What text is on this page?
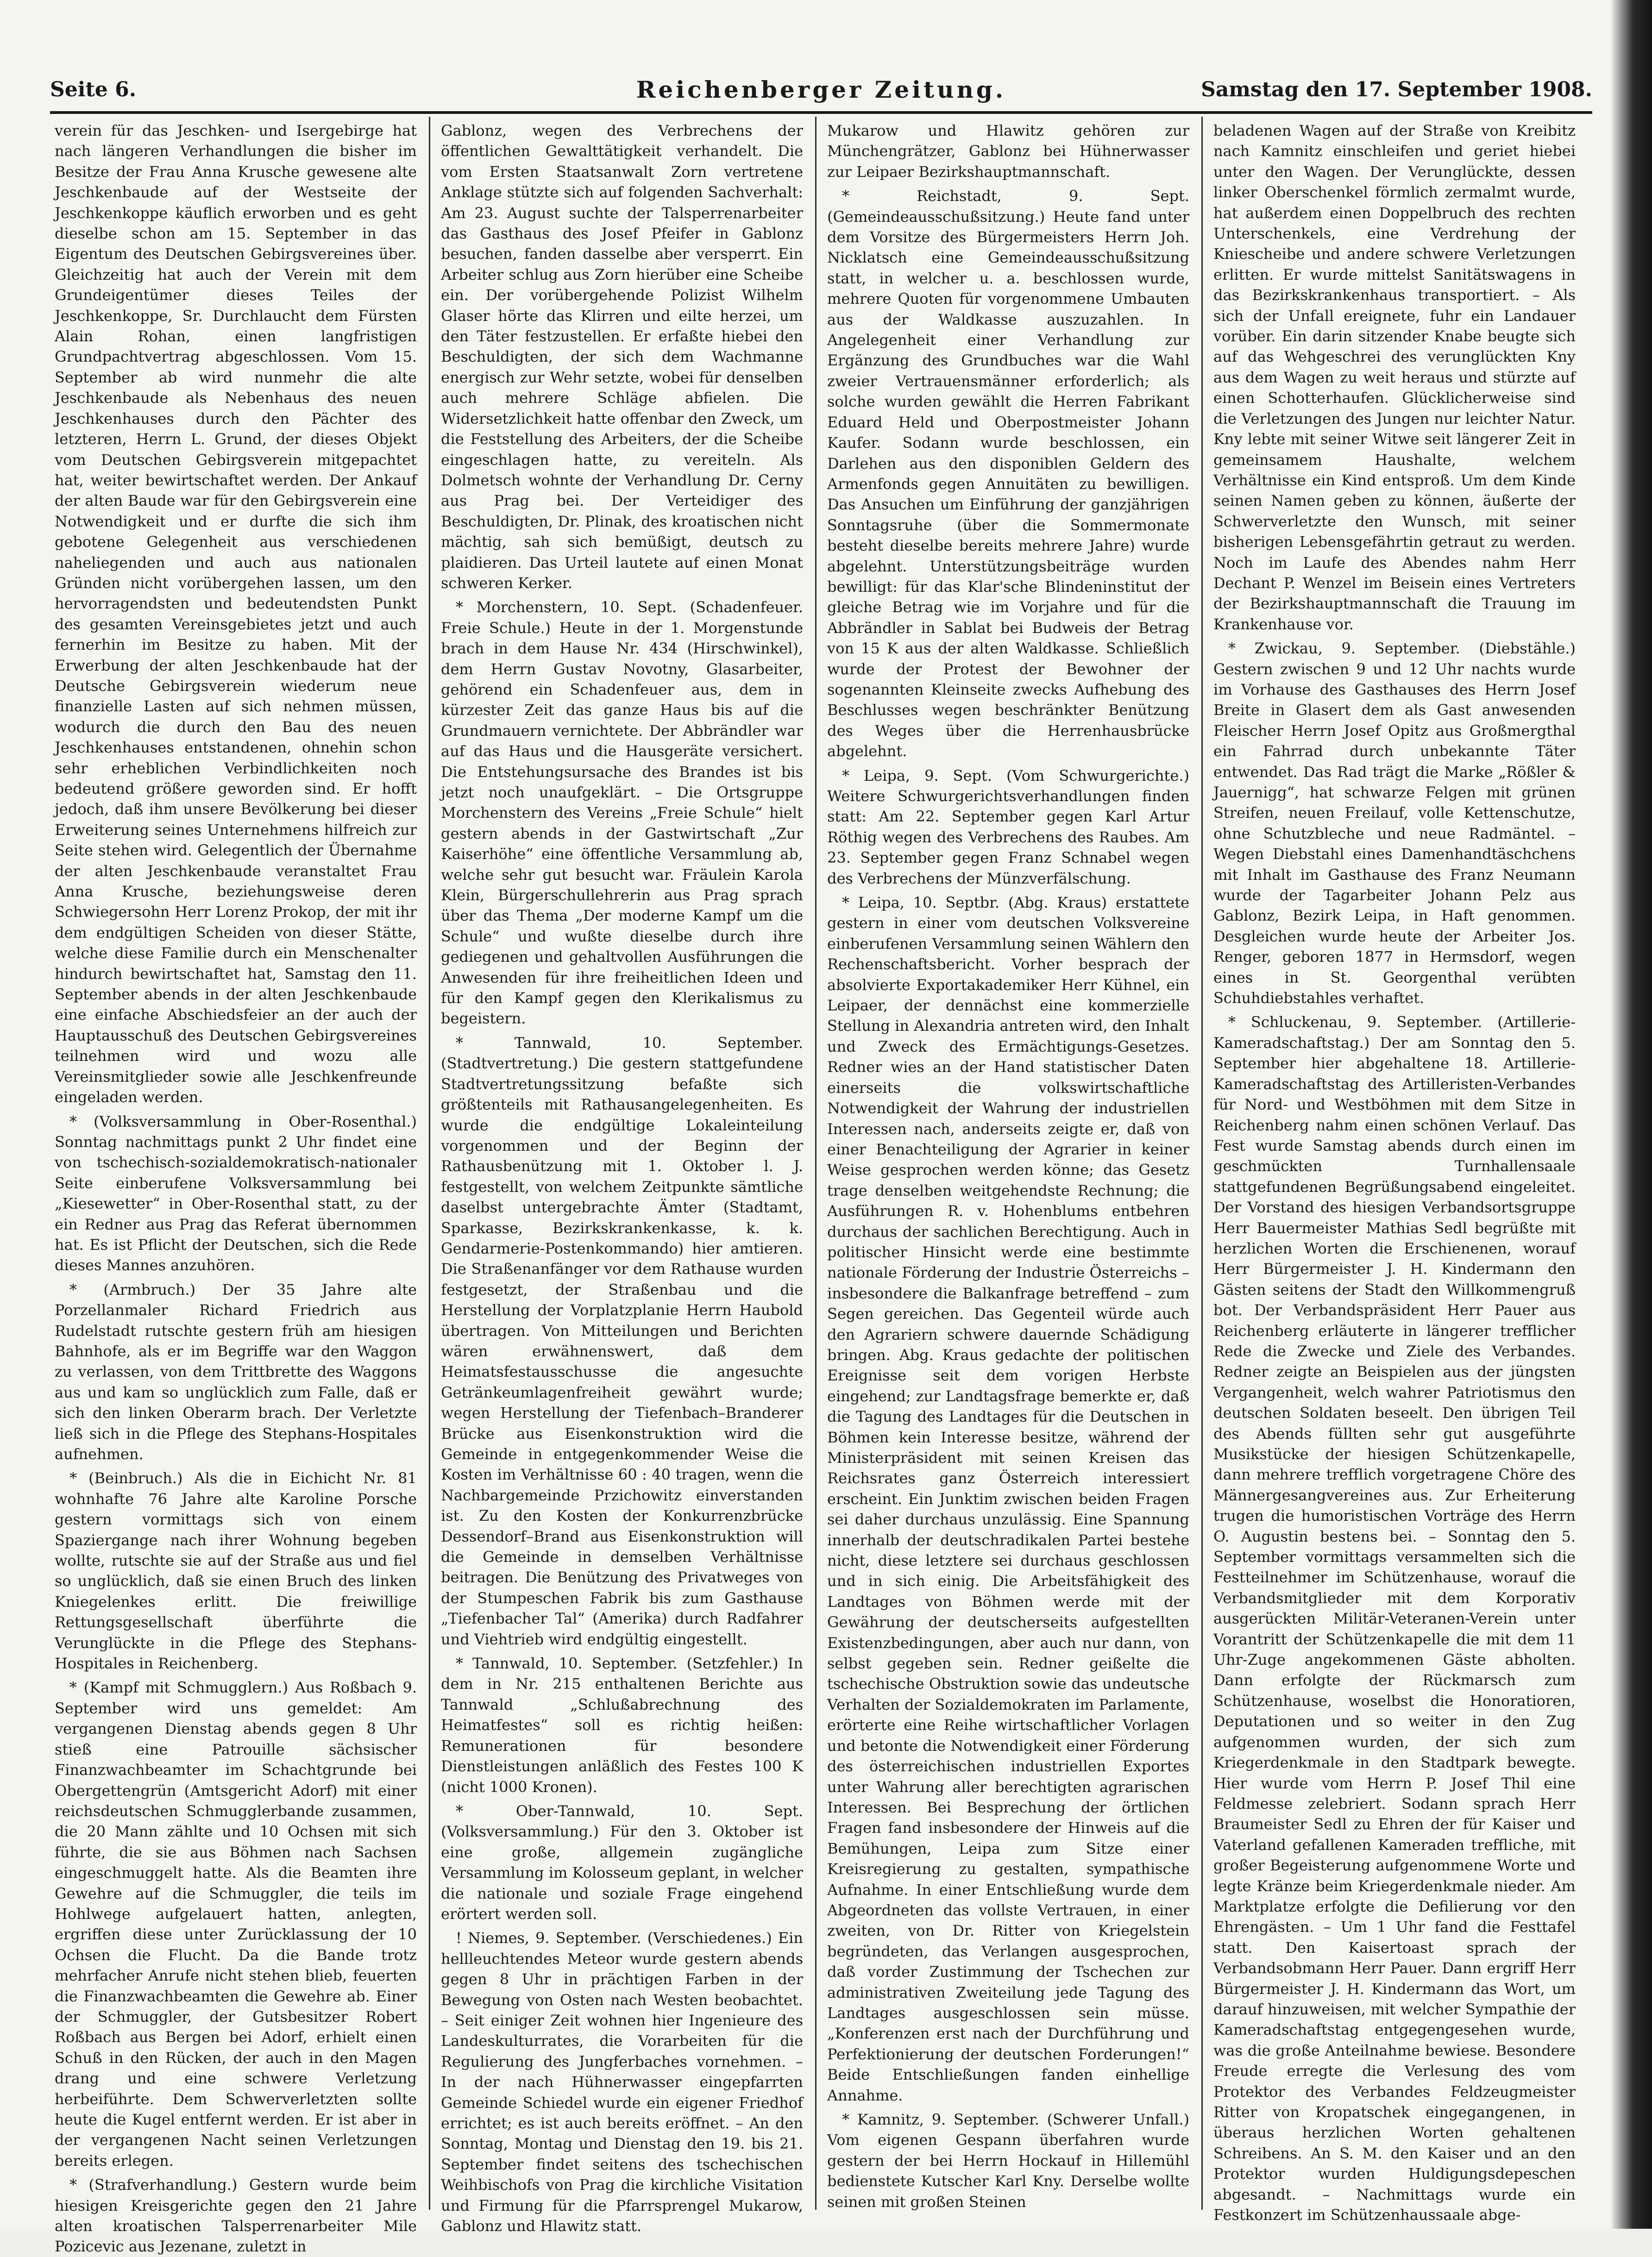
Seite 6.	Reichenberger Zeitung.	Samstag den 17. September 1908.

verein für das Jeschken- und Isergebirge hat nach längeren Verhandlungen die bisher im Besitze der Frau Anna Krusche gewesene alte Jeschkenbaude auf der Westseite der Jeschkenkoppe käuflich erworben und es geht dieselbe schon am 15. September in das Eigentum des Deutschen Gebirgsvereines über. Gleichzeitig hat auch der Verein mit dem Grundeigentümer dieses Teiles der Jeschkenkoppe, Sr. Durchlaucht dem Fürsten Alain Rohan, einen langfristigen Grundpachtvertrag abgeschlossen. Vom 15. September ab wird nunmehr die alte Jeschkenbaude als Nebenhaus des neuen Jeschkenhauses durch den Pächter des letzteren, Herrn L. Grund, der dieses Objekt vom Deutschen Gebirgsverein mitgepachtet hat, weiter bewirtschaftet werden. Der Ankauf der alten Baude war für den Gebirgsverein eine Notwendigkeit und er durfte die sich ihm gebotene Gelegenheit aus verschiedenen naheliegenden und auch aus nationalen Gründen nicht vorübergehen lassen, um den hervorragendsten und bedeutendsten Punkt des gesamten Vereinsgebietes jetzt und auch fernerhin im Besitze zu haben. Mit der Erwerbung der alten Jeschkenbaude hat der Deutsche Gebirgsverein wiederum neue finanzielle Lasten auf sich nehmen müssen, wodurch die durch den Bau des neuen Jeschkenhauses entstandenen, ohnehin schon sehr erheblichen Verbindlichkeiten noch bedeutend größere geworden sind. Er hofft jedoch, daß ihm unsere Bevölkerung bei dieser Erweiterung seines Unternehmens hilfreich zur Seite stehen wird. Gelegentlich der Übernahme der alten Jeschkenbaude veranstaltet Frau Anna Krusche, beziehungsweise deren Schwiegersohn Herr Lorenz Prokop, der mit ihr dem endgültigen Scheiden von dieser Stätte, welche diese Familie durch ein Menschenalter hindurch bewirtschaftet hat, Samstag den 11. September abends in der alten Jeschkenbaude eine einfache Abschiedsfeier an der auch der Hauptausschuß des Deutschen Gebirgsvereines teilnehmen wird und wozu alle Vereinsmitglieder sowie alle Jeschkenfreunde eingeladen werden.

* (Volksversammlung in Ober-Rosenthal.) Sonntag nachmittags punkt 2 Uhr findet eine von tschechisch-sozialdemokratisch-nationaler Seite einberufene Volksversammlung bei „Kiesewetter“ in Ober-Rosenthal statt, zu der ein Redner aus Prag das Referat übernommen hat. Es ist Pflicht der Deutschen, sich die Rede dieses Mannes anzuhören.

* (Armbruch.) Der 35 Jahre alte Porzellanmaler Richard Friedrich aus Rudelstadt rutschte gestern früh am hiesigen Bahnhofe, als er im Begriffe war den Waggon zu verlassen, von dem Trittbrette des Waggons aus und kam so unglücklich zum Falle, daß er sich den linken Oberarm brach. Der Verletzte ließ sich in die Pflege des Stephans-Hospitales aufnehmen.

* (Beinbruch.) Als die in Eichicht Nr. 81 wohnhafte 76 Jahre alte Karoline Porsche gestern vormittags sich von einem Spaziergange nach ihrer Wohnung begeben wollte, rutschte sie auf der Straße aus und fiel so unglücklich, daß sie einen Bruch des linken Kniegelenkes erlitt. Die freiwillige Rettungsgesellschaft überführte die Verunglückte in die Pflege des Stephans-Hospitales in Reichenberg.

* (Kampf mit Schmugglern.) Aus Roßbach 9. September wird uns gemeldet: Am vergangenen Dienstag abends gegen 8 Uhr stieß eine Patrouille sächsischer Finanzwachbeamter im Schachtgrunde bei Obergettengrün (Amtsgericht Adorf) mit einer reichsdeutschen Schmugglerbande zusammen, die 20 Mann zählte und 10 Ochsen mit sich führte, die sie aus Böhmen nach Sachsen eingeschmuggelt hatte. Als die Beamten ihre Gewehre auf die Schmuggler, die teils im Hohlwege aufgelauert hatten, anlegten, ergriffen diese unter Zurücklassung der 10 Ochsen die Flucht. Da die Bande trotz mehrfacher Anrufe nicht stehen blieb, feuerten die Finanzwachbeamten die Gewehre ab. Einer der Schmuggler, der Gutsbesitzer Robert Roßbach aus Bergen bei Adorf, erhielt einen Schuß in den Rücken, der auch in den Magen drang und eine schwere Verletzung herbeiführte. Dem Schwerverletzten sollte heute die Kugel entfernt werden. Er ist aber in der vergangenen Nacht seinen Verletzungen bereits erlegen.

* (Strafverhandlung.) Gestern wurde beim hiesigen Kreisgerichte gegen den 21 Jahre alten kroatischen Talsperrenarbeiter Mile Pozicevic aus Jezenane, zuletzt in

Gablonz, wegen des Verbrechens der öffentlichen Gewalttätigkeit verhandelt. Die vom Ersten Staatsanwalt Zorn vertretene Anklage stützte sich auf folgenden Sachverhalt: Am 23. August suchte der Talsperrenarbeiter das Gasthaus des Josef Pfeifer in Gablonz besuchen, fanden dasselbe aber versperrt. Ein Arbeiter schlug aus Zorn hierüber eine Scheibe ein. Der vorübergehende Polizist Wilhelm Glaser hörte das Klirren und eilte herzei, um den Täter festzustellen. Er erfaßte hiebei den Beschuldigten, der sich dem Wachmanne energisch zur Wehr setzte, wobei für denselben auch mehrere Schläge abfielen. Die Widersetzlichkeit hatte offenbar den Zweck, um die Feststellung des Arbeiters, der die Scheibe eingeschlagen hatte, zu vereiteln. Als Dolmetsch wohnte der Verhandlung Dr. Cerny aus Prag bei. Der Verteidiger des Beschuldigten, Dr. Plinak, des kroatischen nicht mächtig, sah sich bemüßigt, deutsch zu plaidieren. Das Urteil lautete auf einen Monat schweren Kerker.

* Morchenstern, 10. Sept. (Schadenfeuer. Freie Schule.) Heute in der 1. Morgenstunde brach in dem Hause Nr. 434 (Hirschwinkel), dem Herrn Gustav Novotny, Glasarbeiter, gehörend ein Schadenfeuer aus, dem in kürzester Zeit das ganze Haus bis auf die Grundmauern vernichtete. Der Abbrändler war auf das Haus und die Hausgeräte versichert. Die Entstehungsursache des Brandes ist bis jetzt noch unaufgeklärt. – Die Ortsgruppe Morchenstern des Vereins „Freie Schule“ hielt gestern abends in der Gastwirtschaft „Zur Kaiserhöhe“ eine öffentliche Versammlung ab, welche sehr gut besucht war. Fräulein Karola Klein, Bürgerschullehrerin aus Prag sprach über das Thema „Der moderne Kampf um die Schule“ und wußte dieselbe durch ihre gediegenen und gehaltvollen Ausführungen die Anwesenden für ihre freiheitlichen Ideen und für den Kampf gegen den Klerikalismus zu begeistern.

* Tannwald, 10. September. (Stadtvertretung.) Die gestern stattgefundene Stadtvertretungssitzung befaßte sich größtenteils mit Rathausangelegenheiten. Es wurde die endgültige Lokaleinteilung vorgenommen und der Beginn der Rathausbenützung mit 1. Oktober l. J. festgestellt, von welchem Zeitpunkte sämtliche daselbst untergebrachte Ämter (Stadtamt, Sparkasse, Bezirkskrankenkasse, k. k. Gendarmerie-Postenkommando) hier amtieren. Die Straßenanfänger vor dem Rathause wurden festgesetzt, der Straßenbau und die Herstellung der Vorplatzplanie Herrn Haubold übertragen. Von Mitteilungen und Berichten wären erwähnenswert, daß dem Heimatsfestausschusse die angesuchte Getränkeumlagenfreiheit gewährt wurde; wegen Herstellung der Tiefenbach–Branderer Brücke aus Eisenkonstruktion wird die Gemeinde in entgegenkommender Weise die Kosten im Verhältnisse 60 : 40 tragen, wenn die Nachbargemeinde Przichowitz einverstanden ist. Zu den Kosten der Konkurrenzbrücke Dessendorf–Brand aus Eisenkonstruktion will die Gemeinde in demselben Verhältnisse beitragen. Die Benützung des Privatweges von der Stumpeschen Fabrik bis zum Gasthause „Tiefenbacher Tal“ (Amerika) durch Radfahrer und Viehtrieb wird endgültig eingestellt.

* Tannwald, 10. September. (Setzfehler.) In dem in Nr. 215 enthaltenen Berichte aus Tannwald „Schlußabrechnung des Heimatfestes“ soll es richtig heißen: Remunerationen für besondere Dienstleistungen anläßlich des Festes 100 K (nicht 1000 Kronen).

* Ober-Tannwald, 10. Sept. (Volksversammlung.) Für den 3. Oktober ist eine große, allgemein zugängliche Versammlung im Kolosseum geplant, in welcher die nationale und soziale Frage eingehend erörtert werden soll.

! Niemes, 9. September. (Verschiedenes.) Ein hellleuchtendes Meteor wurde gestern abends gegen 8 Uhr in prächtigen Farben in der Bewegung von Osten nach Westen beobachtet. – Seit einiger Zeit wohnen hier Ingenieure des Landeskulturrates, die Vorarbeiten für die Regulierung des Jungferbaches vornehmen. – In der nach Hühnerwasser eingepfarrten Gemeinde Schiedel wurde ein eigener Friedhof errichtet; es ist auch bereits eröffnet. – An den Sonntag, Montag und Dienstag den 19. bis 21. September findet seitens des tschechischen Weihbischofs von Prag die kirchliche Visitation und Firmung für die Pfarrsprengel Mukarow, Gablonz und Hlawitz statt.

Mukarow und Hlawitz gehören zur Münchengrätzer, Gablonz bei Hühnerwasser zur Leipaer Bezirkshauptmannschaft.

* Reichstadt, 9. Sept. (Gemeindeausschußsitzung.) Heute fand unter dem Vorsitze des Bürgermeisters Herrn Joh. Nicklatsch eine Gemeindeausschußsitzung statt, in welcher u. a. beschlossen wurde, mehrere Quoten für vorgenommene Umbauten aus der Waldkasse auszuzahlen. In Angelegenheit einer Verhandlung zur Ergänzung des Grundbuches war die Wahl zweier Vertrauensmänner erforderlich; als solche wurden gewählt die Herren Fabrikant Eduard Held und Oberpostmeister Johann Kaufer. Sodann wurde beschlossen, ein Darlehen aus den disponiblen Geldern des Armenfonds gegen Annuitäten zu bewilligen. Das Ansuchen um Einführung der ganzjährigen Sonntagsruhe (über die Sommermonate besteht dieselbe bereits mehrere Jahre) wurde abgelehnt. Unterstützungsbeiträge wurden bewilligt: für das Klar'sche Blindeninstitut der gleiche Betrag wie im Vorjahre und für die Abbrändler in Sablat bei Budweis der Betrag von 15 K aus der alten Waldkasse. Schließlich wurde der Protest der Bewohner der sogenannten Kleinseite zwecks Aufhebung des Beschlusses wegen beschränkter Benützung des Weges über die Herrenhausbrücke abgelehnt.

* Leipa, 9. Sept. (Vom Schwurgerichte.) Weitere Schwurgerichtsverhandlungen finden statt: Am 22. September gegen Karl Artur Röthig wegen des Verbrechens des Raubes. Am 23. September gegen Franz Schnabel wegen des Verbrechens der Münzverfälschung.

* Leipa, 10. Septbr. (Abg. Kraus) erstattete gestern in einer vom deutschen Volksvereine einberufenen Versammlung seinen Wählern den Rechenschaftsbericht. Vorher besprach der absolvierte Exportakademiker Herr Kühnel, ein Leipaer, der dennächst eine kommerzielle Stellung in Alexandria antreten wird, den Inhalt und Zweck des Ermächtigungs-Gesetzes. Redner wies an der Hand statistischer Daten einerseits die volkswirtschaftliche Notwendigkeit der Wahrung der industriellen Interessen nach, anderseits zeigte er, daß von einer Benachteiligung der Agrarier in keiner Weise gesprochen werden könne; das Gesetz trage denselben weitgehendste Rechnung; die Ausführungen R. v. Hohenblums entbehren durchaus der sachlichen Berechtigung. Auch in politischer Hinsicht werde eine bestimmte nationale Förderung der Industrie Österreichs – insbesondere die Balkanfrage betreffend – zum Segen gereichen. Das Gegenteil würde auch den Agrariern schwere dauernde Schädigung bringen. Abg. Kraus gedachte der politischen Ereignisse seit dem vorigen Herbste eingehend; zur Landtagsfrage bemerkte er, daß die Tagung des Landtages für die Deutschen in Böhmen kein Interesse besitze, während der Ministerpräsident mit seinen Kreisen das Reichsrates ganz Österreich interessiert erscheint. Ein Junktim zwischen beiden Fragen sei daher durchaus unzulässig. Eine Spannung innerhalb der deutschradikalen Partei bestehe nicht, diese letztere sei durchaus geschlossen und in sich einig. Die Arbeitsfähigkeit des Landtages von Böhmen werde mit der Gewährung der deutscherseits aufgestellten Existenzbedingungen, aber auch nur dann, von selbst gegeben sein. Redner geißelte die tschechische Obstruktion sowie das undeutsche Verhalten der Sozialdemokraten im Parlamente, erörterte eine Reihe wirtschaftlicher Vorlagen und betonte die Notwendigkeit einer Förderung des österreichischen industriellen Exportes unter Wahrung aller berechtigten agrarischen Interessen. Bei Besprechung der örtlichen Fragen fand insbesondere der Hinweis auf die Bemühungen, Leipa zum Sitze einer Kreisregierung zu gestalten, sympathische Aufnahme. In einer Entschließung wurde dem Abgeordneten das vollste Vertrauen, in einer zweiten, von Dr. Ritter von Kriegelstein begründeten, das Verlangen ausgesprochen, daß vorder Zustimmung der Tschechen zur administrativen Zweiteilung jede Tagung des Landtages ausgeschlossen sein müsse. „Konferenzen erst nach der Durchführung und Perfektionierung der deutschen Forderungen!“ Beide Entschließungen fanden einhellige Annahme.

* Kamnitz, 9. September. (Schwerer Unfall.) Vom eigenen Gespann überfahren wurde gestern der bei Herrn Hockauf in Hillemühl bedienstete Kutscher Karl Kny. Derselbe wollte seinen mit großen Steinen

beladenen Wagen auf der Straße von Kreibitz nach Kamnitz einschleifen und geriet hiebei unter den Wagen. Der Verunglückte, dessen linker Oberschenkel förmlich zermalmt wurde, hat außerdem einen Doppelbruch des rechten Unterschenkels, eine Verdrehung der Kniescheibe und andere schwere Verletzungen erlitten. Er wurde mittelst Sanitätswagens in das Bezirkskrankenhaus transportiert. – Als sich der Unfall ereignete, fuhr ein Landauer vorüber. Ein darin sitzender Knabe beugte sich auf das Wehgeschrei des verunglückten Kny aus dem Wagen zu weit heraus und stürzte auf einen Schotterhaufen. Glücklicherweise sind die Verletzungen des Jungen nur leichter Natur. Kny lebte mit seiner Witwe seit längerer Zeit in gemeinsamem Haushalte, welchem Verhältnisse ein Kind entsproß. Um dem Kinde seinen Namen geben zu können, äußerte der Schwerverletzte den Wunsch, mit seiner bisherigen Lebensgefährtin getraut zu werden. Noch im Laufe des Abendes nahm Herr Dechant P. Wenzel im Beisein eines Vertreters der Bezirkshauptmannschaft die Trauung im Krankenhause vor.

* Zwickau, 9. September. (Diebstähle.) Gestern zwischen 9 und 12 Uhr nachts wurde im Vorhause des Gasthauses des Herrn Josef Breite in Glasert dem als Gast anwesenden Fleischer Herrn Josef Opitz aus Großmergthal ein Fahrrad durch unbekannte Täter entwendet. Das Rad trägt die Marke „Rößler & Jauernigg“, hat schwarze Felgen mit grünen Streifen, neuen Freilauf, volle Kettenschutze, ohne Schutzbleche und neue Radmäntel. – Wegen Diebstahl eines Damenhandtäschchens mit Inhalt im Gasthause des Franz Neumann wurde der Tagarbeiter Johann Pelz aus Gablonz, Bezirk Leipa, in Haft genommen. Desgleichen wurde heute der Arbeiter Jos. Renger, geboren 1877 in Hermsdorf, wegen eines in St. Georgenthal verübten Schuhdiebstahles verhaftet.

* Schluckenau, 9. September. (Artillerie-Kameradschaftstag.) Der am Sonntag den 5. September hier abgehaltene 18. Artillerie-Kameradschaftstag des Artilleristen-Verbandes für Nord- und Westböhmen mit dem Sitze in Reichenberg nahm einen schönen Verlauf. Das Fest wurde Samstag abends durch einen im geschmückten Turnhallensaale stattgefundenen Begrüßungsabend eingeleitet. Der Vorstand des hiesigen Verbandsortsgruppe Herr Bauermeister Mathias Sedl begrüßte mit herzlichen Worten die Erschienenen, worauf Herr Bürgermeister J. H. Kindermann den Gästen seitens der Stadt den Willkommengruß bot. Der Verbandspräsident Herr Pauer aus Reichenberg erläuterte in längerer trefflicher Rede die Zwecke und Ziele des Verbandes. Redner zeigte an Beispielen aus der jüngsten Vergangenheit, welch wahrer Patriotismus den deutschen Soldaten beseelt. Den übrigen Teil des Abends füllten sehr gut ausgeführte Musikstücke der hiesigen Schützenkapelle, dann mehrere trefflich vorgetragene Chöre des Männergesangvereines aus. Zur Erheiterung trugen die humoristischen Vorträge des Herrn O. Augustin bestens bei. – Sonntag den 5. September vormittags versammelten sich die Festteilnehmer im Schützenhause, worauf die Verbandsmitglieder mit dem Korporativ ausgerückten Militär-Veteranen-Verein unter Vorantritt der Schützenkapelle die mit dem 11 Uhr-Zuge angekommenen Gäste abholten. Dann erfolgte der Rückmarsch zum Schützenhause, woselbst die Honoratioren, Deputationen und so weiter in den Zug aufgenommen wurden, der sich zum Kriegerdenkmale in den Stadtpark bewegte. Hier wurde vom Herrn P. Josef Thil eine Feldmesse zelebriert. Sodann sprach Herr Braumeister Sedl zu Ehren der für Kaiser und Vaterland gefallenen Kameraden treffliche, mit großer Begeisterung aufgenommene Worte und legte Kränze beim Kriegerdenkmale nieder. Am Marktplatze erfolgte die Defilierung vor den Ehrengästen. – Um 1 Uhr fand die Festtafel statt. Den Kaisertoast sprach der Verbandsobmann Herr Pauer. Dann ergriff Herr Bürgermeister J. H. Kindermann das Wort, um darauf hinzuweisen, mit welcher Sympathie der Kameradschaftstag entgegengesehen wurde, was die große Anteilnahme bewiese. Besondere Freude erregte die Verlesung des vom Protektor des Verbandes Feldzeugmeister Ritter von Kropatschek eingegangenen, in überaus herzlichen Worten gehaltenen Schreibens. An S. M. den Kaiser und an den Protektor wurden Huldigungsdepeschen abgesandt. – Nachmittags wurde ein Festkonzert im Schützenhaussaale abge-
